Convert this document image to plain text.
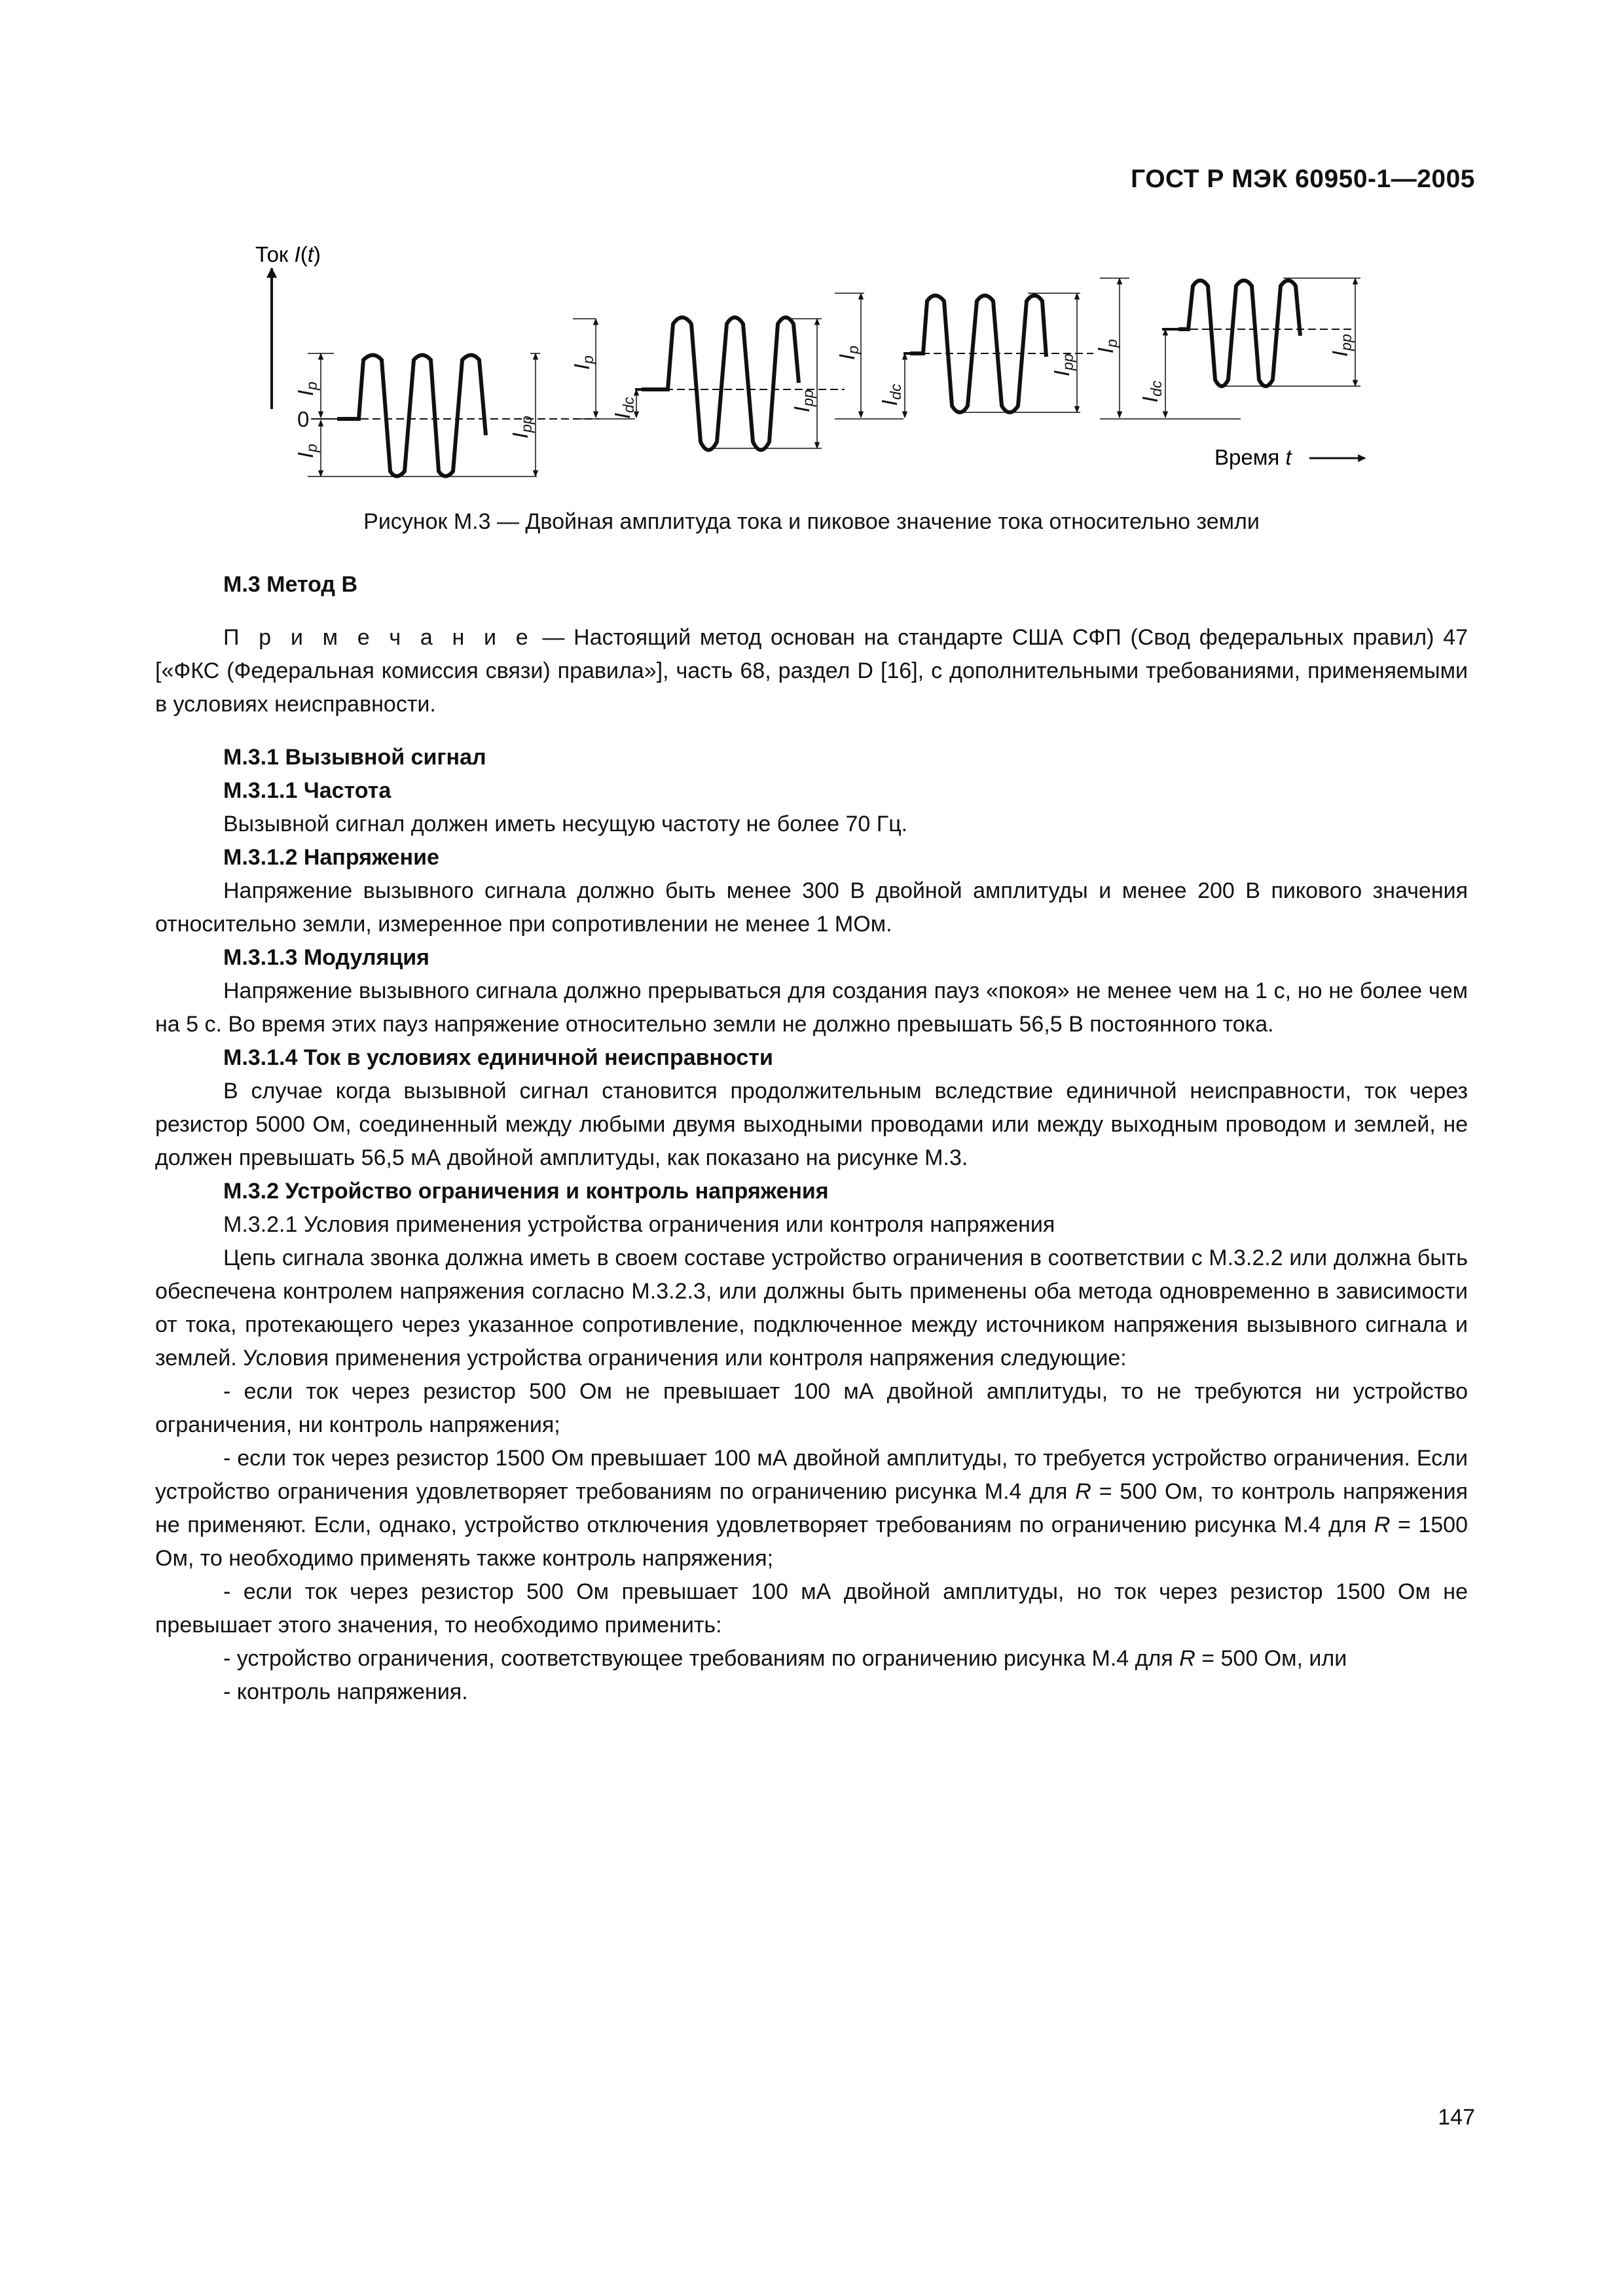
ГОСТ Р МЭК 60950-1—2005
Ток I(t)
0
Ip
Ip
Ipp
Ip
Idc	Ipp
Ip
Idc
Ipp
Ip
Idc
Ipp
Время t
Рисунок М.3 — Двойная амплитуда тока и пиковое значение тока относительно земли

М.3 Метод В

П р и м е ч а н и е — Настоящий метод основан на стандарте США СФП (Свод федеральных правил) 47 [«ФКС (Федеральная комиссия связи) правила»], часть 68, раздел D [16], с дополнительными требованиями, применяемыми в условиях неисправности.

М.3.1 Вызывной сигнал

М.3.1.1 Частота

Вызывной сигнал должен иметь несущую частоту не более 70 Гц.

М.3.1.2 Напряжение

Напряжение вызывного сигнала должно быть менее 300 В двойной амплитуды и менее 200 В пикового значения относительно земли, измеренное при сопротивлении не менее 1 МОм.

М.3.1.3 Модуляция

Напряжение вызывного сигнала должно прерываться для создания пауз «покоя» не менее чем на 1 с, но не более чем на 5 с. Во время этих пауз напряжение относительно земли не должно превышать 56,5 В постоянного тока.

М.3.1.4 Ток в условиях единичной неисправности

В случае когда вызывной сигнал становится продолжительным вследствие единичной неисправности, ток через резистор 5000 Ом, соединенный между любыми двумя выходными проводами или между выходным проводом и землей, не должен превышать 56,5 мА двойной амплитуды, как показано на рисунке М.3.

М.3.2 Устройство ограничения и контроль напряжения

М.3.2.1 Условия применения устройства ограничения или контроля напряжения

Цепь сигнала звонка должна иметь в своем составе устройство ограничения в соответствии с М.3.2.2 или должна быть обеспечена контролем напряжения согласно М.3.2.3, или должны быть применены оба метода одновременно в зависимости от тока, протекающего через указанное сопротивление, подключенное между источником напряжения вызывного сигнала и землей. Условия применения устройства ограничения или контроля напряжения следующие:

- если ток через резистор 500 Ом не превышает 100 мА двойной амплитуды, то не требуются ни устройство ограничения, ни контроль напряжения;

- если ток через резистор 1500 Ом превышает 100 мА двойной амплитуды, то требуется устройство ограничения. Если устройство ограничения удовлетворяет требованиям по ограничению рисунка М.4 для R = 500 Ом, то контроль напряжения не применяют. Если, однако, устройство отключения удовлетворяет требованиям по ограничению рисунка М.4 для R = 1500 Ом, то необходимо применять также контроль напряжения;

- если ток через резистор 500 Ом превышает 100 мА двойной амплитуды, но ток через резистор 1500 Ом не превышает этого значения, то необходимо применить:

- устройство ограничения, соответствующее требованиям по ограничению рисунка М.4 для R = 500 Ом, или

- контроль напряжения.

147
